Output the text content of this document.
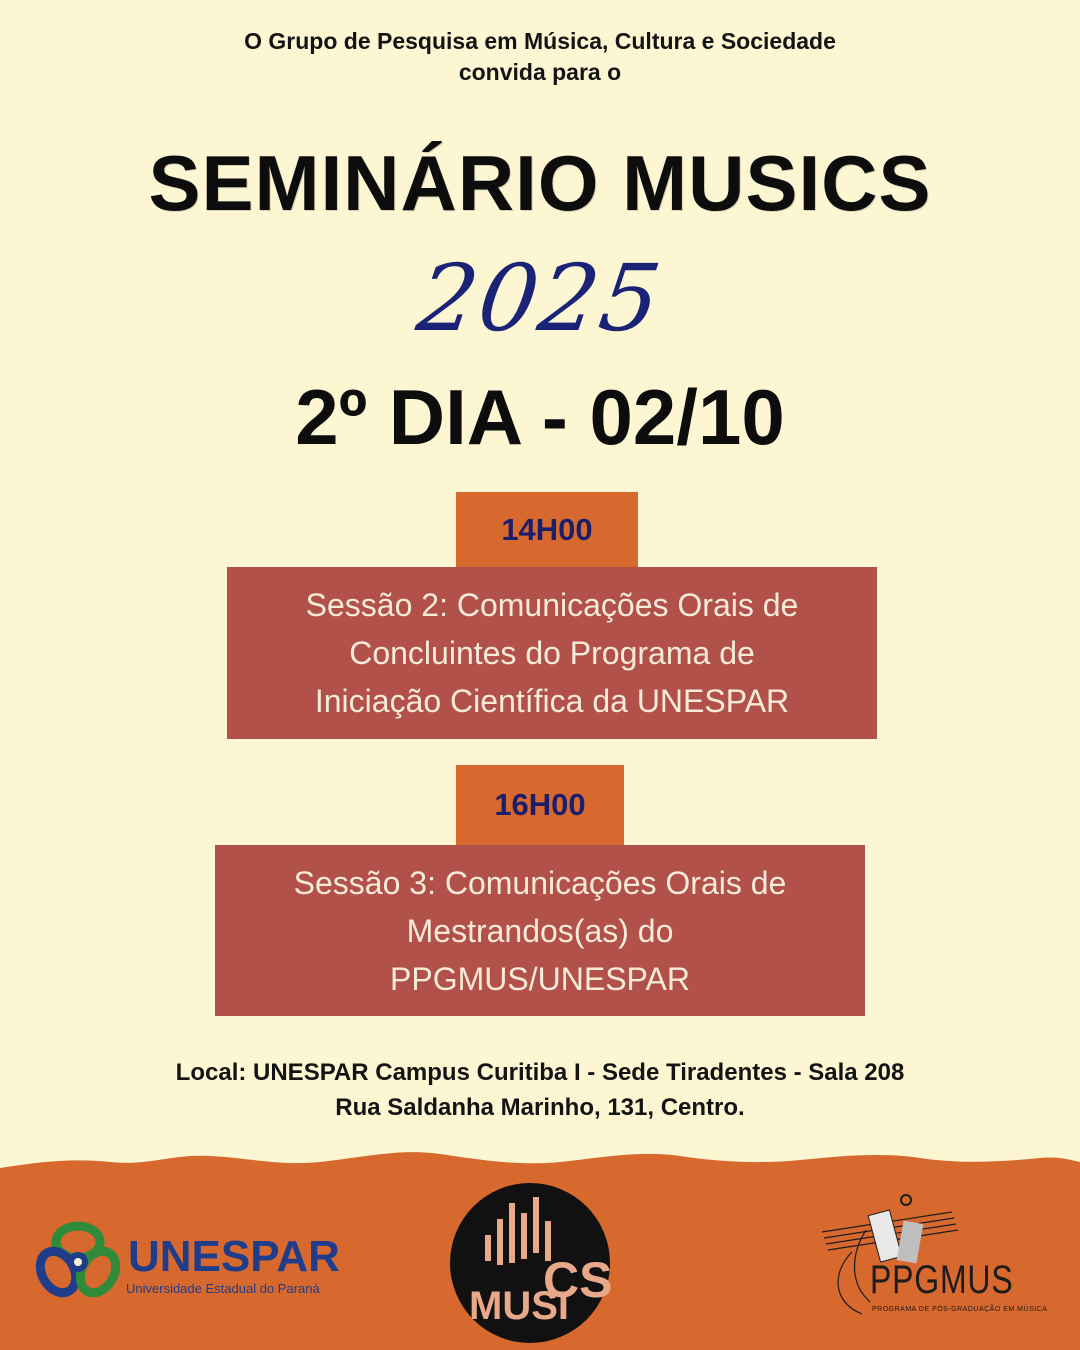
O Grupo de Pesquisa em Música, Cultura e Sociedade
convida para o
SEMINÁRIO MUSICS
2025
2º DIA - 02/10
14H00
Sessão 2: Comunicações Orais de
Concluintes do Programa de
Iniciação Científica da UNESPAR
16H00
Sessão 3: Comunicações Orais de
Mestrandos(as) do
PPGMUS/UNESPAR
Local: UNESPAR Campus Curitiba I - Sede Tiradentes - Sala 208
Rua Saldanha Marinho, 131, Centro.
UNESPAR
Universidade Estadual do Paraná	MUSI
CS	PPGMUS
PROGRAMA DE PÓS-GRADUAÇÃO EM MÚSICA
